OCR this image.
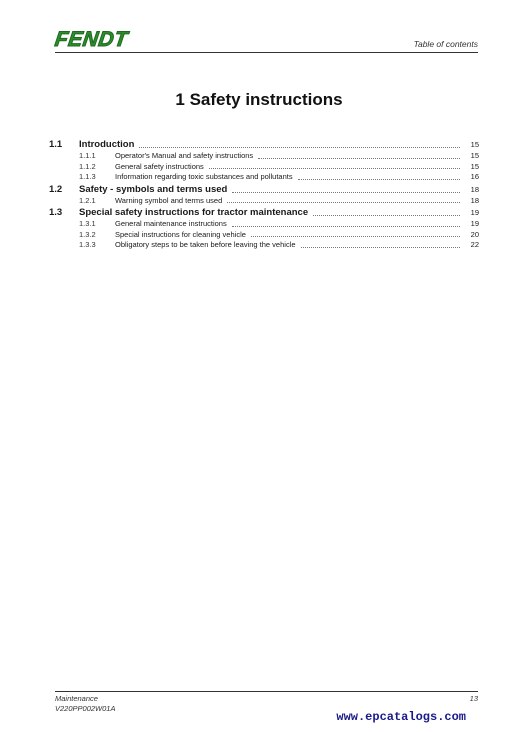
FENDT	Table of contents
1 Safety instructions
1.1	Introduction	15
1.1.1	Operator's Manual and safety instructions	15
1.1.2	General safety instructions	15
1.1.3	Information regarding toxic substances and pollutants	16
1.2	Safety - symbols and terms used	18
1.2.1	Warning symbol and terms used	18
1.3	Special safety instructions for tractor maintenance	19
1.3.1	General maintenance instructions	19
1.3.2	Special instructions for cleaning vehicle	20
1.3.3	Obligatory steps to be taken before leaving the vehicle	22
Maintenance
V220PP002W01A
13
www.epcatalogs.com
